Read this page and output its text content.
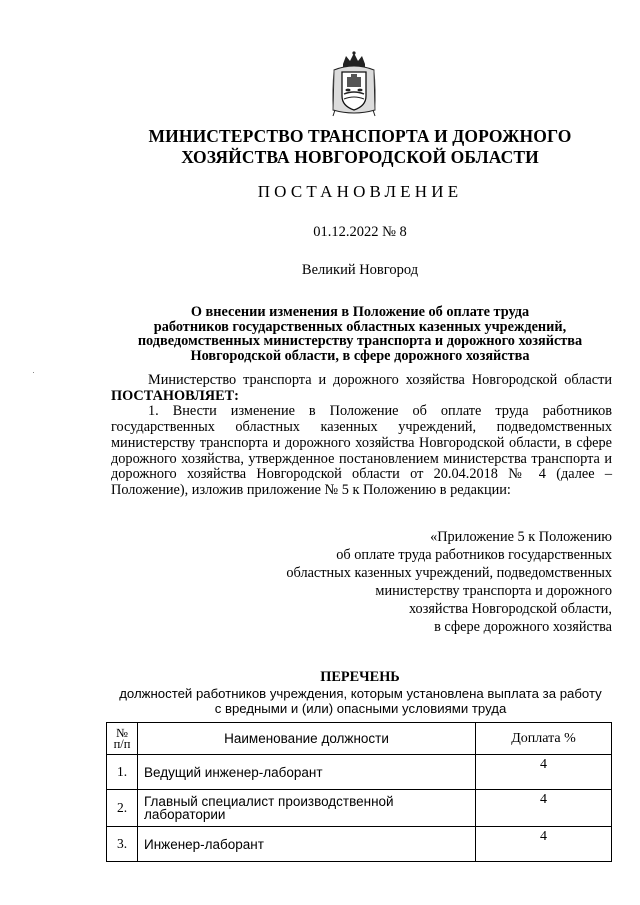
МИНИСТЕРСТВО ТРАНСПОРТА И ДОРОЖНОГО
ХОЗЯЙСТВА НОВГОРОДСКОЙ ОБЛАСТИ
ПОСТАНОВЛЕНИЕ
01.12.2022 № 8
Великий Новгород
О внесении изменения в Положение об оплате труда
работников государственных областных казенных учреждений,
подведомственных министерству транспорта и дорожного хозяйства
Новгородской области, в сфере дорожного хозяйства

Министерство транспорта и дорожного хозяйства Новгородской области ПОСТАНОВЛЯЕТ:

1. Внести изменение в Положение об оплате труда работников государственных областных казенных учреждений, подведомственных министерству транспорта и дорожного хозяйства Новгородской области, в сфере дорожного хозяйства, утвержденное постановлением министерства транспорта и дорожного хозяйства Новгородской области от 20.04.2018 № 4 (далее – Положение), изложив приложение № 5 к Положению в редакции:

«Приложение 5 к Положению
об оплате труда работников государственных
областных казенных учреждений, подведомственных
министерству транспорта и дорожного
хозяйства Новгородской области,
в сфере дорожного хозяйства
ПЕРЕЧЕНЬ
должностей работников учреждения, которым установлена выплата за работу
с вредными и (или) опасными условиями труда
№
п/п	Наименование должности	Доплата %
1.	Ведущий инженер-лаборант	4
2.	Главный специалист производственной
лаборатории	4
3.	Инженер-лаборант	4
